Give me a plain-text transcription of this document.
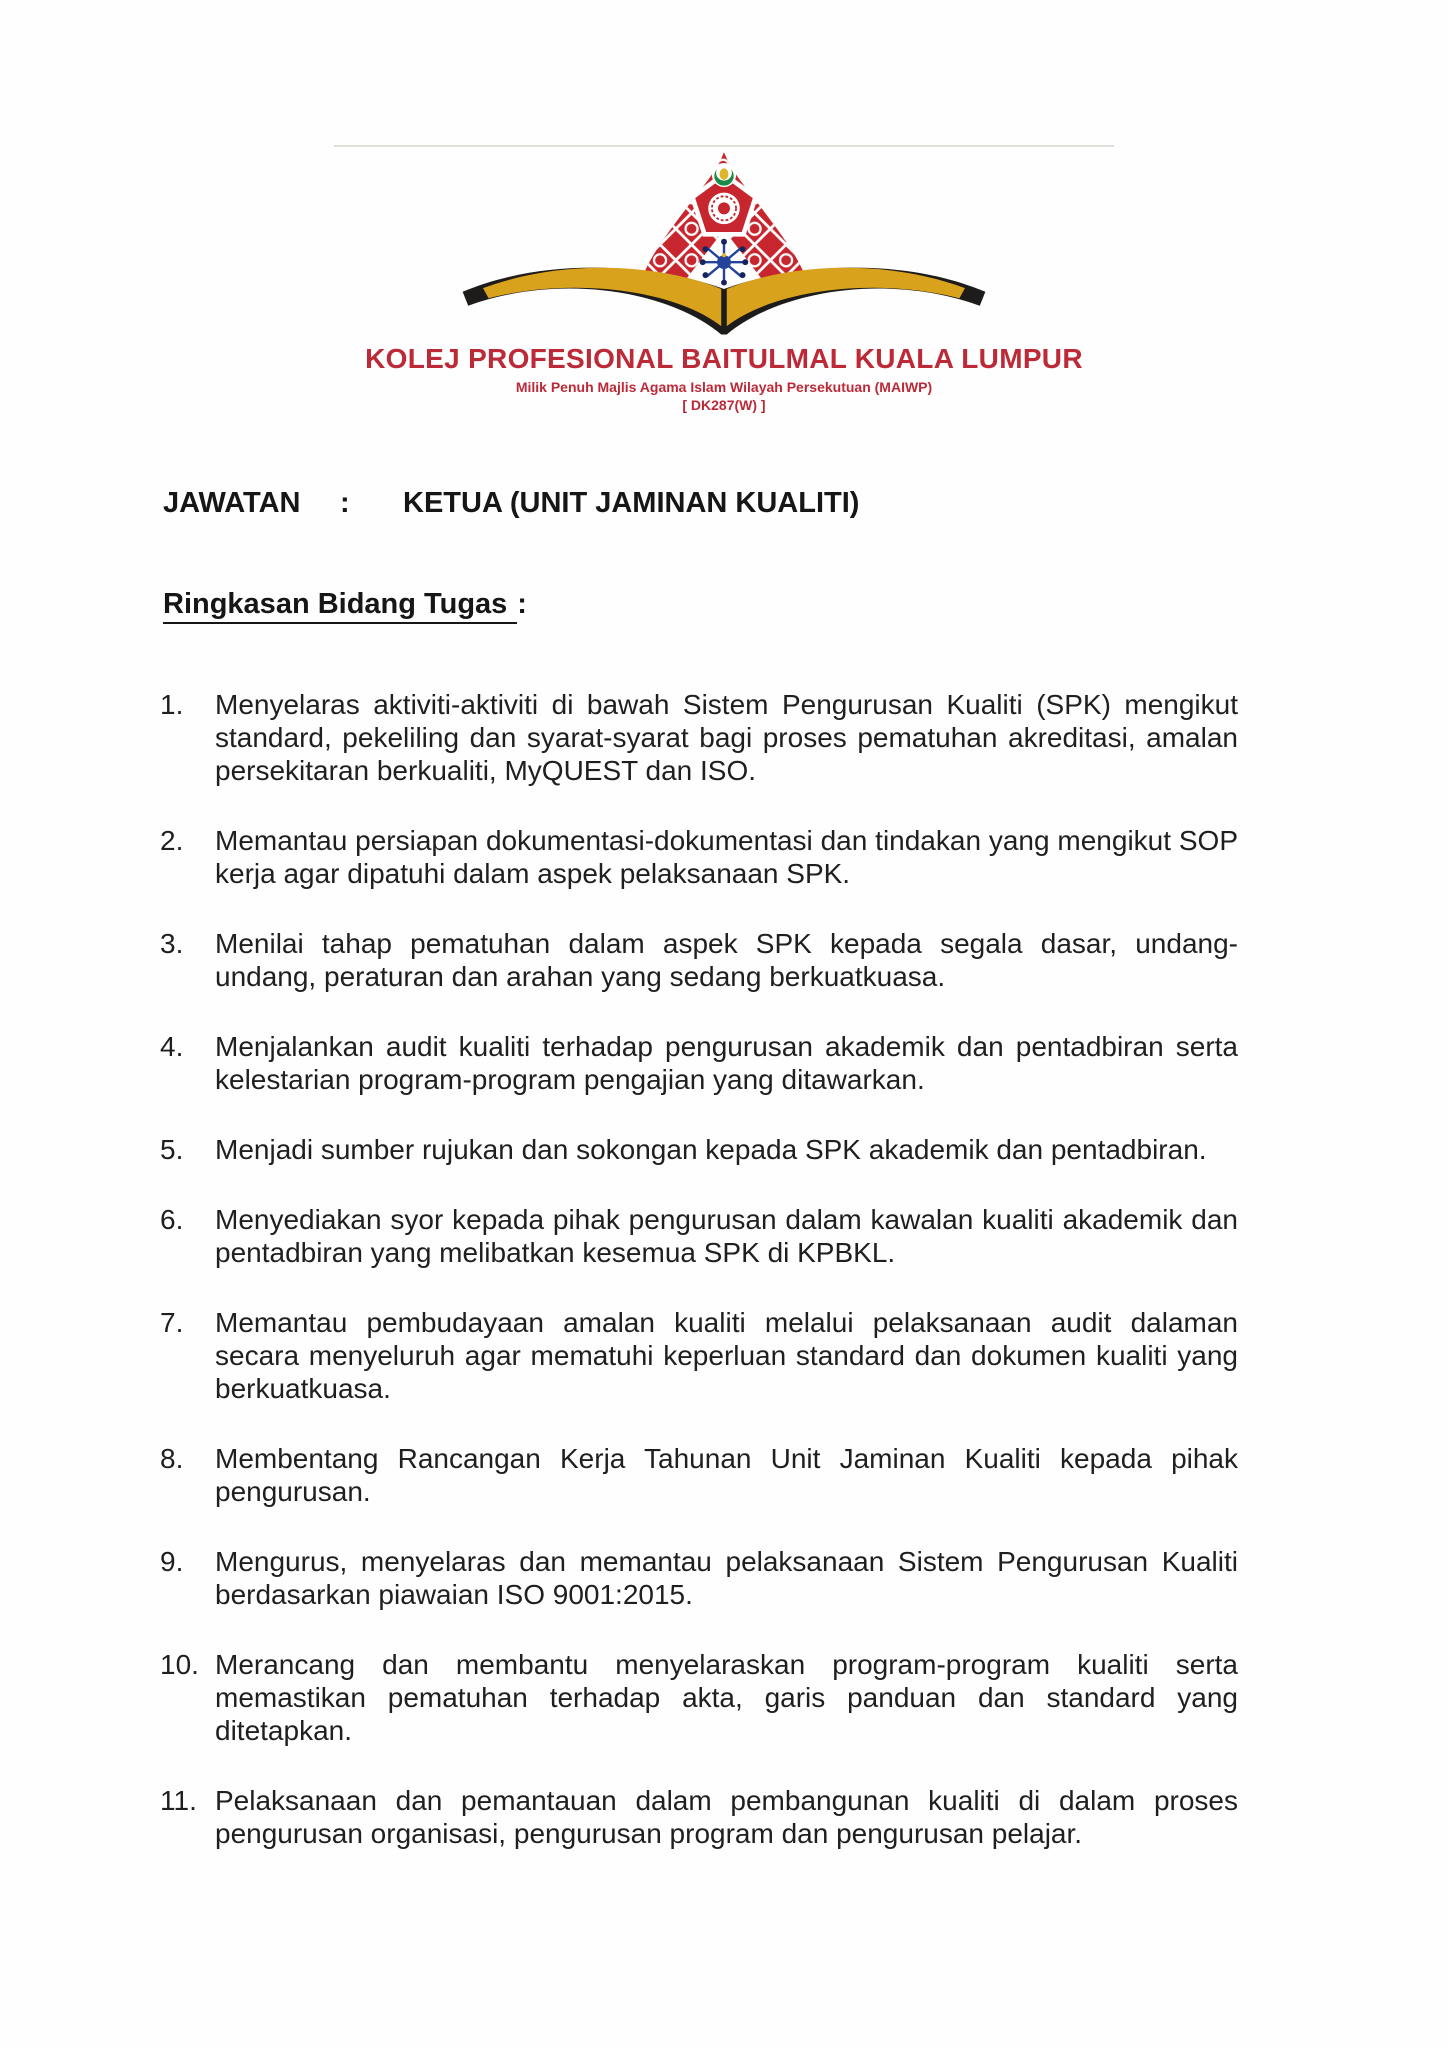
KOLEJ PROFESIONAL BAITULMAL KUALA LUMPUR
Milik Penuh Majlis Agama Islam Wilayah Persekutuan (MAIWP)
[ DK287(W) ]
JAWATAN	:	KETUA (UNIT JAMINAN KUALITI)
Ringkasan Bidang Tugas :
1. Menyelaras aktiviti-aktiviti di bawah Sistem Pengurusan Kualiti (SPK) mengikut standard, pekeliling dan syarat-syarat bagi proses pematuhan akreditasi, amalan persekitaran berkualiti, MyQUEST dan ISO.

2. Memantau persiapan dokumentasi-dokumentasi dan tindakan yang mengikut SOP kerja agar dipatuhi dalam aspek pelaksanaan SPK.

3. Menilai tahap pematuhan dalam aspek SPK kepada segala dasar, undang-undang, peraturan dan arahan yang sedang berkuatkuasa.

4. Menjalankan audit kualiti terhadap pengurusan akademik dan pentadbiran serta kelestarian program-program pengajian yang ditawarkan.

5. Menjadi sumber rujukan dan sokongan kepada SPK akademik dan pentadbiran.

6. Menyediakan syor kepada pihak pengurusan dalam kawalan kualiti akademik dan pentadbiran yang melibatkan kesemua SPK di KPBKL.

7. Memantau pembudayaan amalan kualiti melalui pelaksanaan audit dalaman secara menyeluruh agar mematuhi keperluan standard dan dokumen kualiti yang berkuatkuasa.

8. Membentang Rancangan Kerja Tahunan Unit Jaminan Kualiti kepada pihak pengurusan.

9. Mengurus, menyelaras dan memantau pelaksanaan Sistem Pengurusan Kualiti berdasarkan piawaian ISO 9001:2015.

10. Merancang dan membantu menyelaraskan program-program kualiti serta memastikan pematuhan terhadap akta, garis panduan dan standard yang ditetapkan.

11. Pelaksanaan dan pemantauan dalam pembangunan kualiti di dalam proses pengurusan organisasi, pengurusan program dan pengurusan pelajar.
